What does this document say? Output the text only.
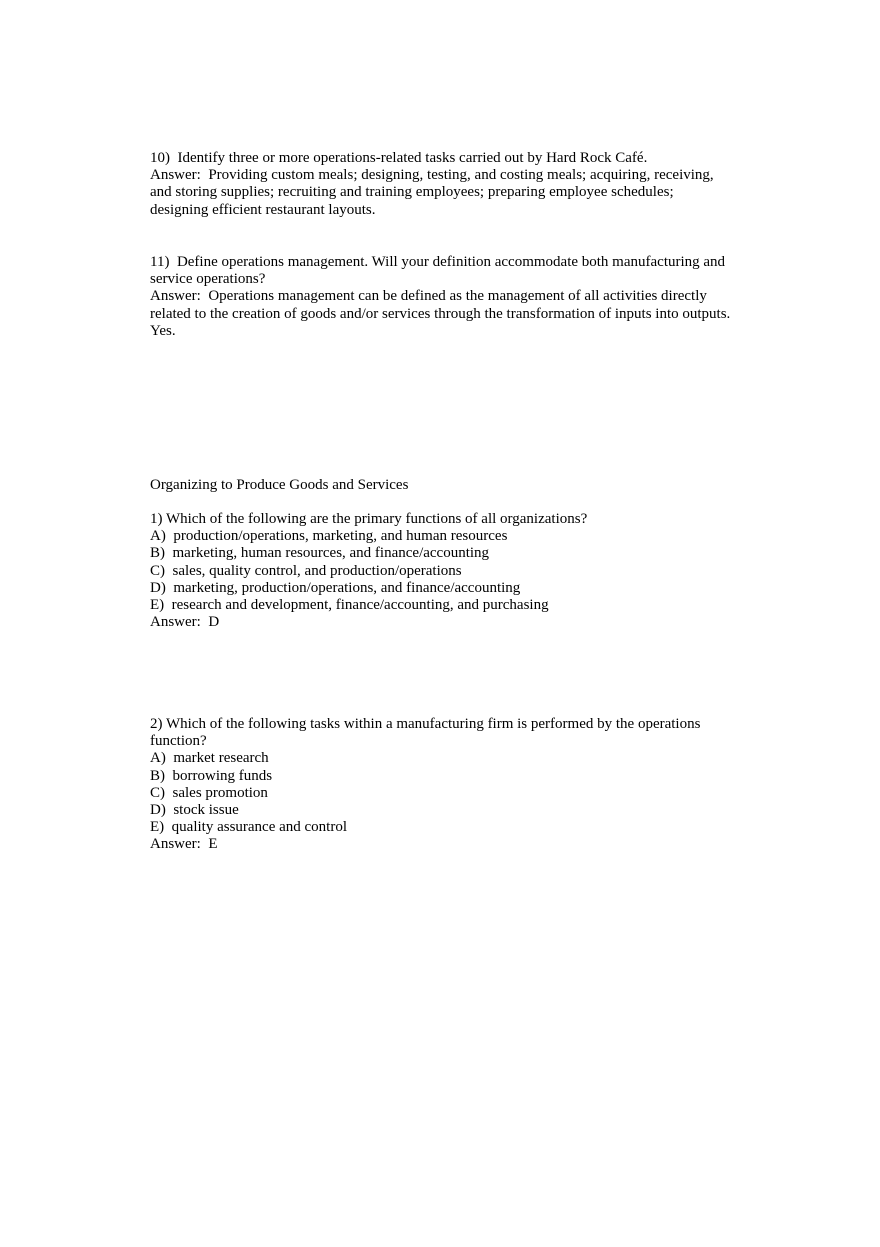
10)  Identify three or more operations-related tasks carried out by Hard Rock Café.
Answer:  Providing custom meals; designing, testing, and costing meals; acquiring, receiving,
and storing supplies; recruiting and training employees; preparing employee schedules;
designing efficient restaurant layouts.
11)  Define operations management. Will your definition accommodate both manufacturing and
service operations?
Answer:  Operations management can be defined as the management of all activities directly
related to the creation of goods and/or services through the transformation of inputs into outputs.
Yes.
Organizing to Produce Goods and Services
1) Which of the following are the primary functions of all organizations?
A)  production/operations, marketing, and human resources
B)  marketing, human resources, and finance/accounting
C)  sales, quality control, and production/operations
D)  marketing, production/operations, and finance/accounting
E)  research and development, finance/accounting, and purchasing
Answer:  D
2) Which of the following tasks within a manufacturing firm is performed by the operations
function?
A)  market research
B)  borrowing funds
C)  sales promotion
D)  stock issue
E)  quality assurance and control
Answer:  E
